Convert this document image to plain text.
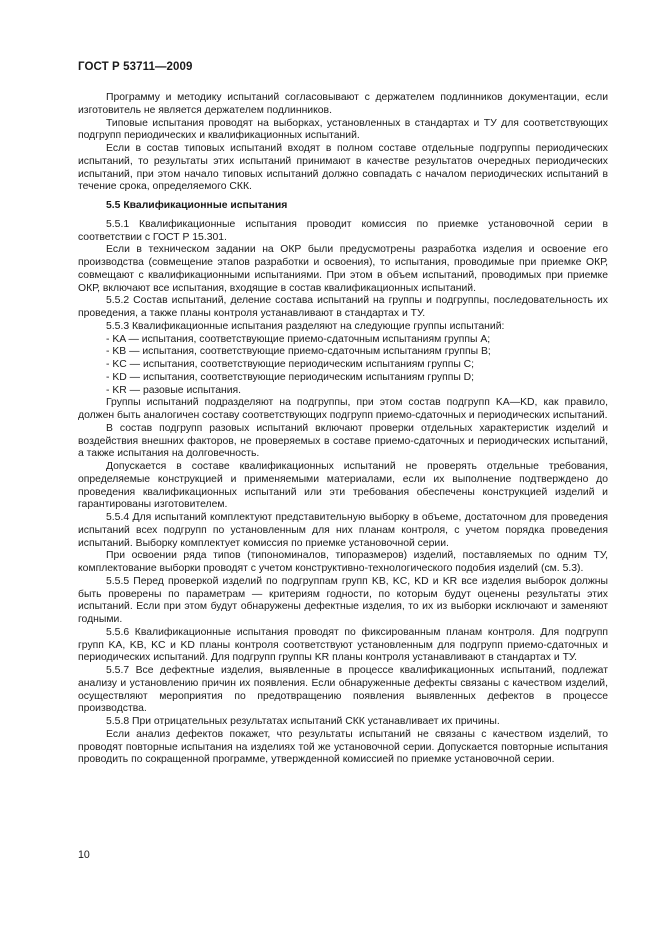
ГОСТ Р 53711—2009

Программу и методику испытаний согласовывают с держателем подлинников документации, если изготовитель не является держателем подлинников.

Типовые испытания проводят на выборках, установленных в стандартах и ТУ для соответствующих подгрупп периодических и квалификационных испытаний.

Если в состав типовых испытаний входят в полном составе отдельные подгруппы периодических испытаний, то результаты этих испытаний принимают в качестве результатов очередных периодических испытаний, при этом начало типовых испытаний должно совпадать с началом периодических испытаний в течение срока, определяемого СКК.

5.5 Квалификационные испытания

5.5.1 Квалификационные испытания проводит комиссия по приемке установочной серии в соответствии с ГОСТ Р 15.301.

Если в техническом задании на ОКР были предусмотрены разработка изделия и освоение его производства (совмещение этапов разработки и освоения), то испытания, проводимые при приемке ОКР, совмещают с квалификационными испытаниями. При этом в объем испытаний, проводимых при приемке ОКР, включают все испытания, входящие в состав квалификационных испытаний.

5.5.2 Состав испытаний, деление состава испытаний на группы и подгруппы, последовательность их проведения, а также планы контроля устанавливают в стандартах и ТУ.

5.5.3 Квалификационные испытания разделяют на следующие группы испытаний:

- KA — испытания, соответствующие приемо-сдаточным испытаниям группы А;

- KB — испытания, соответствующие приемо-сдаточным испытаниям группы В;

- KC — испытания, соответствующие периодическим испытаниям группы С;

- KD — испытания, соответствующие периодическим испытаниям группы D;

- KR — разовые испытания.

Группы испытаний подразделяют на подгруппы, при этом состав подгрупп KA—KD, как правило, должен быть аналогичен составу соответствующих подгрупп приемо-сдаточных и периодических испытаний.

В состав подгрупп разовых испытаний включают проверки отдельных характеристик изделий и воздействия внешних факторов, не проверяемых в составе приемо-сдаточных и периодических испытаний, а также испытания на долговечность.

Допускается в составе квалификационных испытаний не проверять отдельные требования, определяемые конструкцией и применяемыми материалами, если их выполнение подтверждено до проведения квалификационных испытаний или эти требования обеспечены конструкцией изделий и гарантированы изготовителем.

5.5.4 Для испытаний комплектуют представительную выборку в объеме, достаточном для проведения испытаний всех подгрупп по установленным для них планам контроля, с учетом порядка проведения испытаний. Выборку комплектует комиссия по приемке установочной серии.

При освоении ряда типов (типономиналов, типоразмеров) изделий, поставляемых по одним ТУ, комплектование выборки проводят с учетом конструктивно-технологического подобия изделий (см. 5.3).

5.5.5 Перед проверкой изделий по подгруппам групп KB, KC, KD и KR все изделия выборок должны быть проверены по параметрам — критериям годности, по которым будут оценены результаты этих испытаний. Если при этом будут обнаружены дефектные изделия, то их из выборки исключают и заменяют годными.

5.5.6 Квалификационные испытания проводят по фиксированным планам контроля. Для подгрупп групп KA, KB, KC и KD планы контроля соответствуют установленным для подгрупп приемо-сдаточных и периодических испытаний. Для подгрупп группы KR планы контроля устанавливают в стандартах и ТУ.

5.5.7 Все дефектные изделия, выявленные в процессе квалификационных испытаний, подлежат анализу и установлению причин их появления. Если обнаруженные дефекты связаны с качеством изделий, осуществляют мероприятия по предотвращению появления выявленных дефектов в процессе производства.

5.5.8 При отрицательных результатах испытаний СКК устанавливает их причины.

Если анализ дефектов покажет, что результаты испытаний не связаны с качеством изделий, то проводят повторные испытания на изделиях той же установочной серии. Допускается повторные испытания проводить по сокращенной программе, утвержденной комиссией по приемке установочной серии.

10
